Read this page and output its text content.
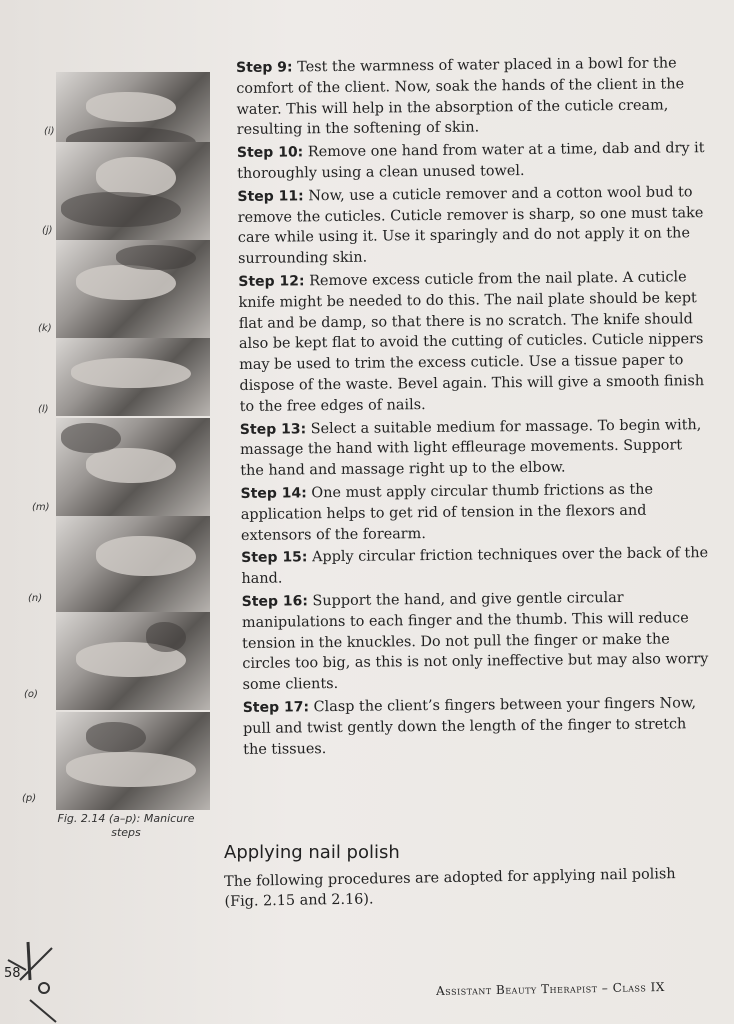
(i)
(j)
(k)
(l)
(m)
(n)
(o)
(p)
Fig. 2.14 (a–p): Manicure steps

Step 9: Test the warmness of water placed in a bowl for the comfort of the client. Now, soak the hands of the client in the water. This will help in the absorption of the cuticle cream, resulting in the softening of skin.

Step 10: Remove one hand from water at a time, dab and dry it thoroughly using a clean unused towel.

Step 11: Now, use a cuticle remover and a cotton wool bud to remove the cuticles. Cuticle remover is sharp, so one must take care while using it. Use it sparingly and do not apply it on the surrounding skin.

Step 12: Remove excess cuticle from the nail plate. A cuticle knife might be needed to do this. The nail plate should be kept flat and be damp, so that there is no scratch. The knife should also be kept flat to avoid the cutting of cuticles. Cuticle nippers may be used to trim the excess cuticle. Use a tissue paper to dispose of the waste. Bevel again. This will give a smooth finish to the free edges of nails.

Step 13: Select a suitable medium for massage. To begin with, massage the hand with light effleurage movements. Support the hand and massage right up to the elbow.

Step 14: One must apply circular thumb frictions as the application helps to get rid of tension in the flexors and extensors of the forearm.

Step 15: Apply circular friction techniques over the back of the hand.

Step 16: Support the hand, and give gentle circular manipulations to each finger and the thumb. This will reduce tension in the knuckles. Do not pull the finger or make the circles too big, as this is not only ineffective but may also worry some clients.

Step 17: Clasp the client’s fingers between your fingers Now, pull and twist gently down the length of the finger to stretch the tissues.

Applying nail polish
The following procedures are adopted for applying nail polish (Fig. 2.15 and 2.16).
58
Assistant Beauty Therapist – Class IX
